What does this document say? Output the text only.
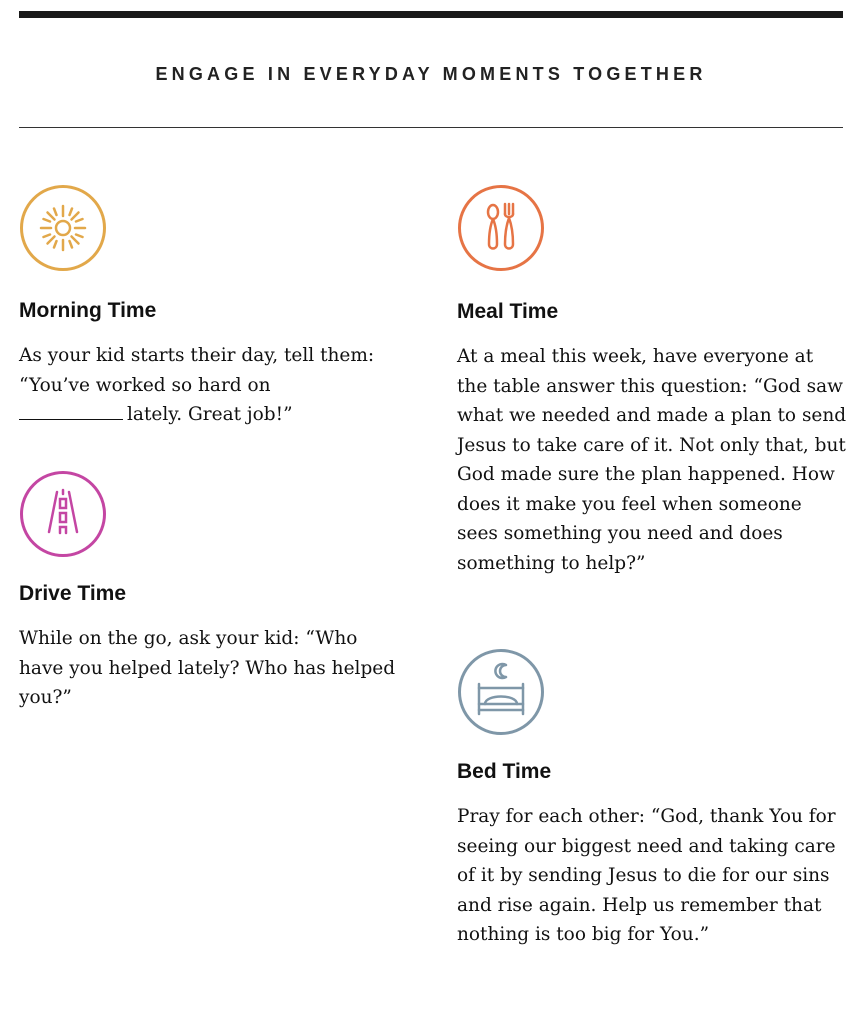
ENGAGE IN EVERYDAY MOMENTS TOGETHER
Morning Time

As your kid starts their day, tell them: “You’ve worked so hard on
lately. Great job!”

Drive Time

While on the go, ask your kid: “Who have you helped lately? Who has helped you?”

Meal Time

At a meal this week, have everyone at the table answer this question: “God saw what we needed and made a plan to send Jesus to take care of it. Not only that, but God made sure the plan happened. How does it make you feel when someone sees something you need and does something to help?”

Bed Time

Pray for each other: “God, thank You for seeing our biggest need and taking care of it by sending Jesus to die for our sins and rise again. Help us remember that nothing is too big for You.”
